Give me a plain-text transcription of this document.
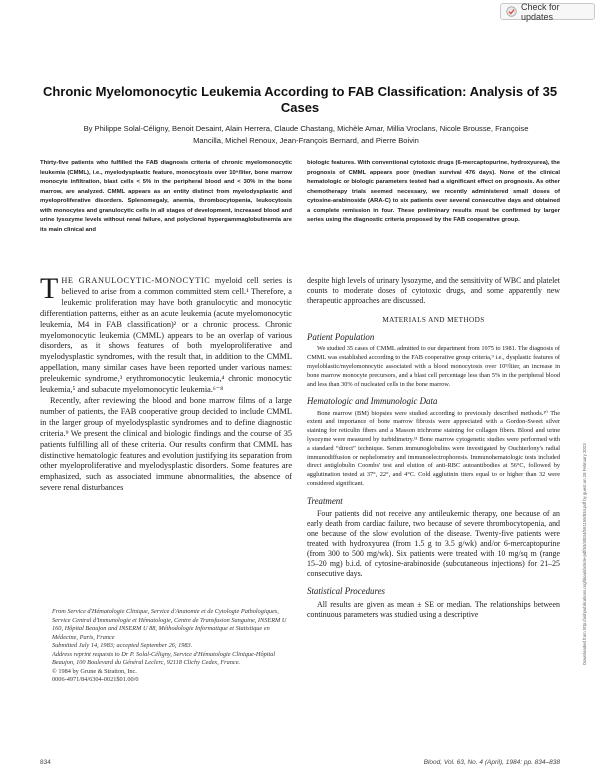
Check for updates
Downloaded from http://ashpublications.org/blood/article-pdf/63/4/834/591159/834.pdf by guest on 28 February 2023
Chronic Myelomonocytic Leukemia According to FAB Classification: Analysis of 35 Cases
By Philippe Solal-Céligny, Benoit Desaint, Alain Herrera, Claude Chastang, Michèle Amar, Millia Vroclans, Nicole Brousse, Françoise Mancilla, Michel Renoux, Jean-François Bernard, and Pierre Boivin
Thirty-five patients who fulfilled the FAB diagnosis criteria of chronic myelomonocytic leukemia (CMML), i.e., myelodysplastic feature, monocytosis over 10⁹/liter, bone marrow monocyte infiltration, blast cells < 5% in the peripheral blood and < 30% in the bone marrow, are analyzed. CMML appears as an entity distinct from myelodysplastic and myeloproliferative disorders. Splenomegaly, anemia, thrombocytopenia, leukocytosis with monocytes and granulocytic cells in all stages of development, increased blood and urine lysozyme levels without renal failure, and polyclonal hypergammaglobulinemia are its main clinical and
biologic features. With conventional cytotoxic drugs (6-mercaptopurine, hydroxyurea), the prognosis of CMML appears poor (median survival 476 days). None of the clinical hematologic or biologic parameters tested had a significant effect on prognosis. As other chemotherapy trials seemed necessary, we recently administered small doses of cytosine-arabinoside (ARA-C) to six patients over several consecutive days and obtained a complete remission in four. These preliminary results must be confirmed by larger series using the diagnostic criteria proposed by the FAB cooperative group.

THE GRANULOCYTIC-MONOCYTIC myeloid cell series is believed to arise from a common committed stem cell.¹ Therefore, a leukemic proliferation may have both granulocytic and monocytic differentiation patterns, either as an acute leukemia (acute myelomonocytic leukemia, M4 in FAB classification)² or a chronic process. Chronic myelomonocytic leukemia (CMML) appears to be an overlap of various disorders, as it shows features of both myeloproliferative and myelodysplastic syndromes, with the result that, in addition to the CMML appellation, many similar cases have been reported under various names: preleukemic syndrome,³ erythromonocytic leukemia,⁴ chronic monocytic leukemia,⁵ and subacute myelomonocytic leukemia.⁶⁻⁸

Recently, after reviewing the blood and bone marrow films of a large number of patients, the FAB cooperative group decided to include CMML in the larger group of myelodysplastic syndromes and to define diagnostic criteria.⁹ We present the clinical and biologic findings and the course of 35 patients fulfilling all of these criteria. Our results confirm that CMML has distinctive hematologic features and evolution justifying its separation from other myeloproliferative and myelodysplastic disorders. Some features are emphasized, such as associated immune abnormalities, the absence of severe renal disturbances

From Service d'Hématologie Clinique, Service d'Anatomie et de Cytologie Pathologiques, Service Central d'Immunologie et Hématologie, Centre de Transfusion Sanguine, INSERM U 160, Hôpital Beaujon and INSERM U 88, Méthodologie Informatique et Statistique en Médecine, Paris, France

Submitted July 14, 1983; accepted September 26, 1983.

Address reprint requests to Dr P. Solal-Céligny, Service d'Hématologie Clinique-Hôpital Beaujon, 100 Boulevard du Général Leclerc, 92118 Clichy Cedex, France.

© 1984 by Grune & Stratton, Inc.

0006-4971/84/6304-0021$01.00/0

despite high levels of urinary lysozyme, and the sensitivity of WBC and platelet counts to moderate doses of cytotoxic drugs, and some apparently new therapeutic approaches are discussed.

MATERIALS AND METHODS
Patient Population

We studied 35 cases of CMML admitted to our department from 1975 to 1981. The diagnosis of CMML was established according to the FAB cooperative group criteria,⁹ i.e., dysplastic features of myeloblastic/myelomonocytic associated with a blood monocytosis over 10⁹/liter, an increase in bone marrow monocyte precursors, and a blast cell percentage less than 5% in the peripheral blood and less than 30% of nucleated cells in the bone marrow.

Hematologic and Immunologic Data

Bone marrow (BM) biopsies were studied according to previously described methods.¹⁰ The extent and importance of bone marrow fibrosis were appreciated with a Gordon-Sweet silver staining for reticulin fibers and a Masson trichrome staining for collagen fibers. Blood and urine lysozyme were measured by turbidimetry.¹¹ Bone marrow cytogenetic studies were performed with a standard “direct” technique. Serum immunoglobulins were investigated by Ouchterlony's radial immunodiffusion or nephelometry and immunoelectrophoresis. Immunohematologic tests included direct antiglobulin Coombs' test and elution of anti-RBC autoantibodies at 56°C, followed by agglutination tested at 37°, 22°, and 4°C. Cold agglutinin titers equal to or higher than 32 were considered significant.

Treatment

Four patients did not receive any antileukemic therapy, one because of an early death from cardiac failure, two because of severe thrombocytopenia, and one because of the slow evolution of the disease. Twenty-five patients were treated with hydroxyurea (from 1.5 g to 3.5 g/wk) and/or 6-mercaptopurine (from 300 to 500 mg/wk). Six patients were treated with 10 mg/sq m (range 15–20 mg) b.i.d. of cytosine-arabinoside (subcutaneous injections) for 21–25 consecutive days.

Statistical Procedures

All results are given as mean ± SE or median. The relationships between continuous parameters was studied using a descriptive

834	Blood, Vol. 63, No. 4 (April), 1984: pp. 834–838
